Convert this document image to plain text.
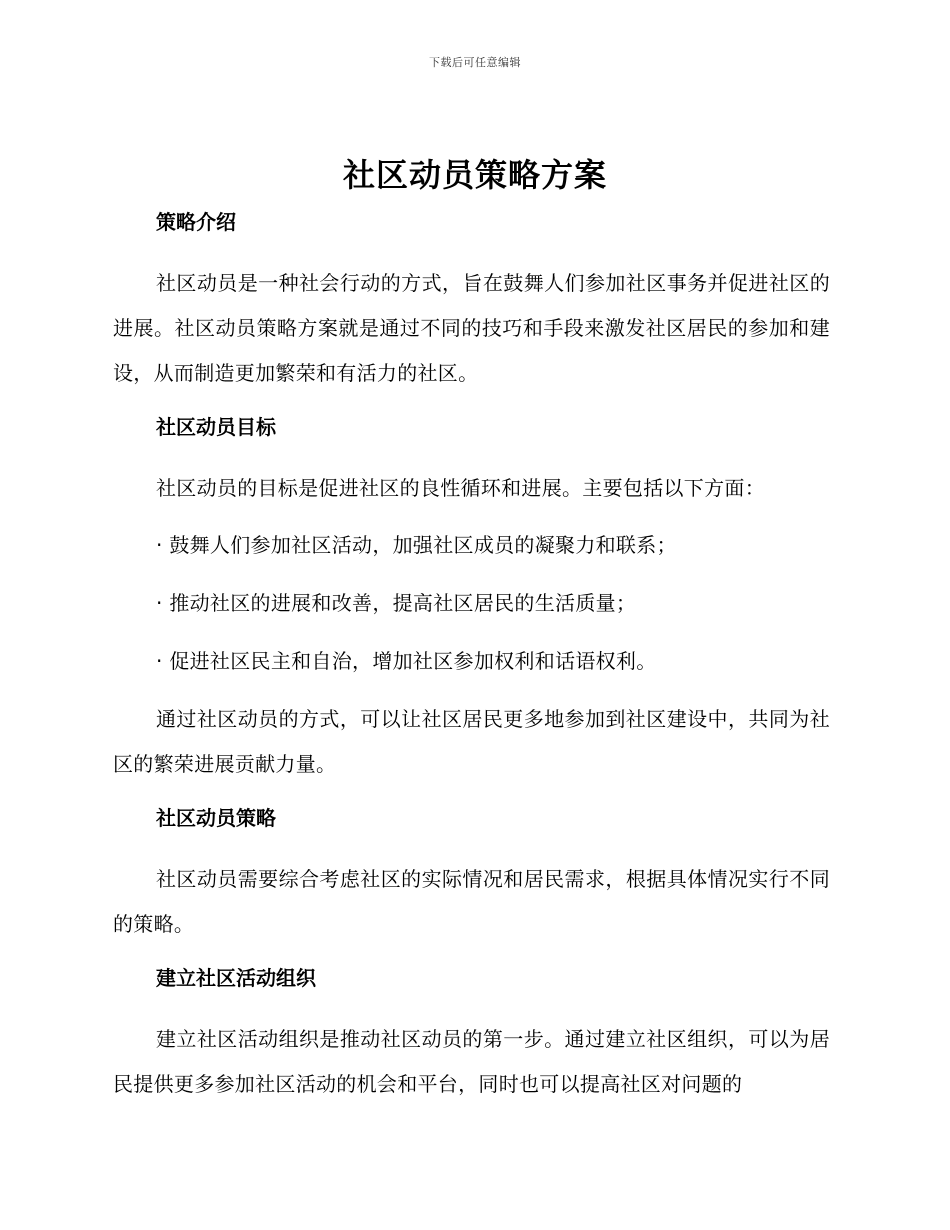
下载后可任意编辑
社区动员策略方案
策略介绍

社区动员是一种社会行动的方式，旨在鼓舞人们参加社区事务并促进社区的进展。社区动员策略方案就是通过不同的技巧和手段来激发社区居民的参加和建设，从而制造更加繁荣和有活力的社区。

社区动员目标

社区动员的目标是促进社区的良性循环和进展。主要包括以下方面：

· 鼓舞人们参加社区活动，加强社区成员的凝聚力和联系；
· 推动社区的进展和改善，提高社区居民的生活质量；
· 促进社区民主和自治，增加社区参加权利和话语权利。

通过社区动员的方式，可以让社区居民更多地参加到社区建设中，共同为社区的繁荣进展贡献力量。

社区动员策略

社区动员需要综合考虑社区的实际情况和居民需求，根据具体情况实行不同的策略。

建立社区活动组织

建立社区活动组织是推动社区动员的第一步。通过建立社区组织，可以为居民提供更多参加社区活动的机会和平台，同时也可以提高社区对问题的
